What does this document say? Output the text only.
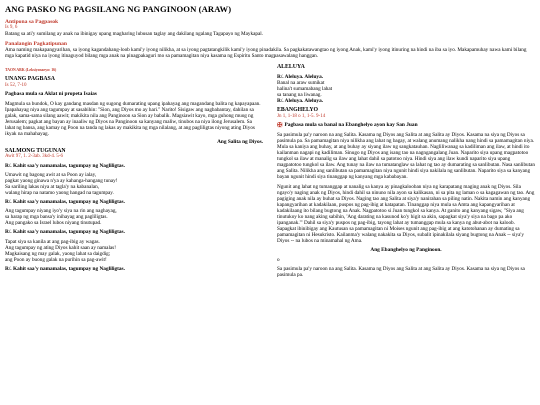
ANG PASKO NG PAGSILANG NG PANGINOON (ARAW)
Antipona sa Pagpasok
Is 9, 6

Batang sa ati'y sumilang ay anak na ibinigay upang magharing lubusan taglay ang dakilang ngalang Tagapayo ng Maykapal.

Panalangin Pagkatipunan

Ama naming makapangyarihan, sa iyong kagandahang-loob kami'y iyong nilikha, at sa iyong pagtatangkilik kami'y iyong pinadakila. Sa pagkakatawangtao ng iyong Anak, kami'y iyong itinuring na hindi na iba sa iyo. Makapamuhay nawa kami bilang mga kapatid niya na iyong itinaguyod bilang mga anak na pinagpakaguri mo sa pamamagitan niya kasama ng Espiritu Santo magpasawalang hanggan.

TAON ABK (Leksiyonaryo: 16)
UNANG PAGBASA
Is 52, 7-10
Pagbasa mula sa Aklat ni propeta Isaias

Magmula sa bundok, O kay gandang masdan ng sugong dumarating upang ipahayag ang magandang balita ng kapayapaan. Ipapahayag niya ang tagumpay at sasabihin: "Sion, ang Diyos mo ay hari." Narito! Sisigaw ang nagbabantay, dahilan sa galak, sama-sama silang aawit; makikita nila ang Panginoon sa Sion ay babalik. Magsiawit kayo, mga guhong muog ng Jerusalem; pagkat ang bayan ay inaaliw ng Diyos na Panginoon sa kanyang maliw, tinubos na niya ilong Jerusalem. Sa lahat ng bansa, ang kamay ng Poon na tanda ng lakas ay makikita ng mga nilalang, at ang pagliligtas niyong ating Diyos ikyak na mahahayag.

Ang Salita ng Diyos.
SALMONG TUGUNAN
Awit 97, 1. 2-3ab. 3kd-4. 5-6
R/. Kahit saa'y namamalas, tagumpay ng Nagliligtas.
Umawit ng bagong awit at sa Poon ay ialay,
pagkat yaong ginawa n'ya ay kahanga-hangang tunay!
Sa sariling lakas niya at tagla'y na kabanalan,
walang hirap na natamo yaong hangad na tagumpay.
R/. Kahit saa'y namamalas, tagumpay ng Nagliligtas.
Ang tagumpay niyang iyo'y siya na rin ang naghayag,
sa harap ng mga bansa'y inihayag ang pagliligtas.
Ang pangako sa Israel lubos niyang tinutupad.
R/. Kahit saa'y namamalas, tagumpay ng Nagliligtas.
Tapat siya sa kanila at ang pag-ibig ay wagas.
Ang tagumpay ng ating Diyos kahit saan ay namalas!
Magkaisang ng may galak, yaong lahat sa daigdig;
ang Poon ay buong galak na purihin sa pag-awit!
R/. Kahit saa'y namamalas, tagumpay ng Nagliligtas.
ALELUYA
R/. Aleluya. Aleluya.
Banal na araw sumikat
halina't sumamabang lahat
sa tanang na liwanag.
R/. Aleluya. Aleluya.
EBANGHELYO
Jn 1, 1-18 o 1, 1-5. 9-14
✠ Pagbasa mula sa banal na Ebanghelyo ayon kay San Juan

Sa pasimula pa'y naroon na ang Salita. Kasama ng Diyos ang Salita at ang Salita ay Diyos. Kasama na siya ng Diyos sa pasimula pa. Sa pamamagitan niya nilikha ang lahat ng bagay, at walang anumang nalikha nang hindi sa pamamagitan niya. Mula sa kaniya ang buhay, at ang buhay ay siyang ilaw ng sangkatauhan. Nagliliwanag sa kadiliman ang ilaw, at hindi ito kailanman nagapi ng kadiliman. Sinugo ng Diyos ang isang tao na nagngangalang Juan. Naparito siya upang magpatotoo tungkol sa ilaw at manalig sa ilaw ang lahat dahil sa patotoo niya. Hindi siya ang ilaw kundi naparito siya upang magpatotoo tungkol sa ilaw. Ang tunay na ilaw na tumatanglaw sa lahat ng tao ay dumarating sa sanlibutan. Nasa sanlibutan ang Salita. Nilikha ang sanlibutan sa pamamagitan niya ngunit hindi siya nakilala ng sanlibutan. Naparito siya sa kanyang bayan ngunit hindi siya tinanggap ng kanyang mga kababayan.

Ngunit ang lahat ng tumanggap at nanalig sa kanya ay pinagkalooban niya ng karapatang maging anak ng Diyos. Sila ngayo'y naging anak ng Diyos, hindi dahil sa ninuno nila ayon sa kalikasan, ni sa pita ng laman o sa kagagawan ng tao. Ang pagiging anak nila ay buhat sa Diyos. Naging tao ang Salita at siya'y nanirahan sa piling natin. Nakita namin ang kanyang kapangyarihan at kadakilaan, puspos ng pag-ibig at katapatan. Tinanggap niya mula sa Amta ang kapangyarihan at kadakilaang ito bilang bugtong na Anak. Nagpatotoo si Juan tungkol sa kanya. At ganito ang kanyang sigaw, "Siya ang tinutukoy ko nang aking sabihin, 'Ang darating na kasunod ko'y higit sa akin, sapagkat siya'y siya na bago pa ako ipanganak.'" Dahil sa siya'y puspos ng pag-ibig, tayong lahat ay tumanggap mula sa kanya ng abut-abot na kaloob. Sapagkat ibinibigay ang Kautusan sa pamamagitan ni Moises ngunit ang pag-ibig at ang katotohanan ay dumating sa pamamagitan ni Hesukristo. Kailanma'y walang nakakita sa Diyos, subalit ipinakilala siyang bugtong na Anak -- siya'y Diyos -- na lubos na minamahal ng Ama.

Ang Ebanghelyo ng Panginoon.
o

Sa pasimula pa'y naroon na ang Salita. Kasama ng Diyos ang Salita at ang Salita ay Diyos. Kasama na siya ng Diyos sa pasimula pa.
